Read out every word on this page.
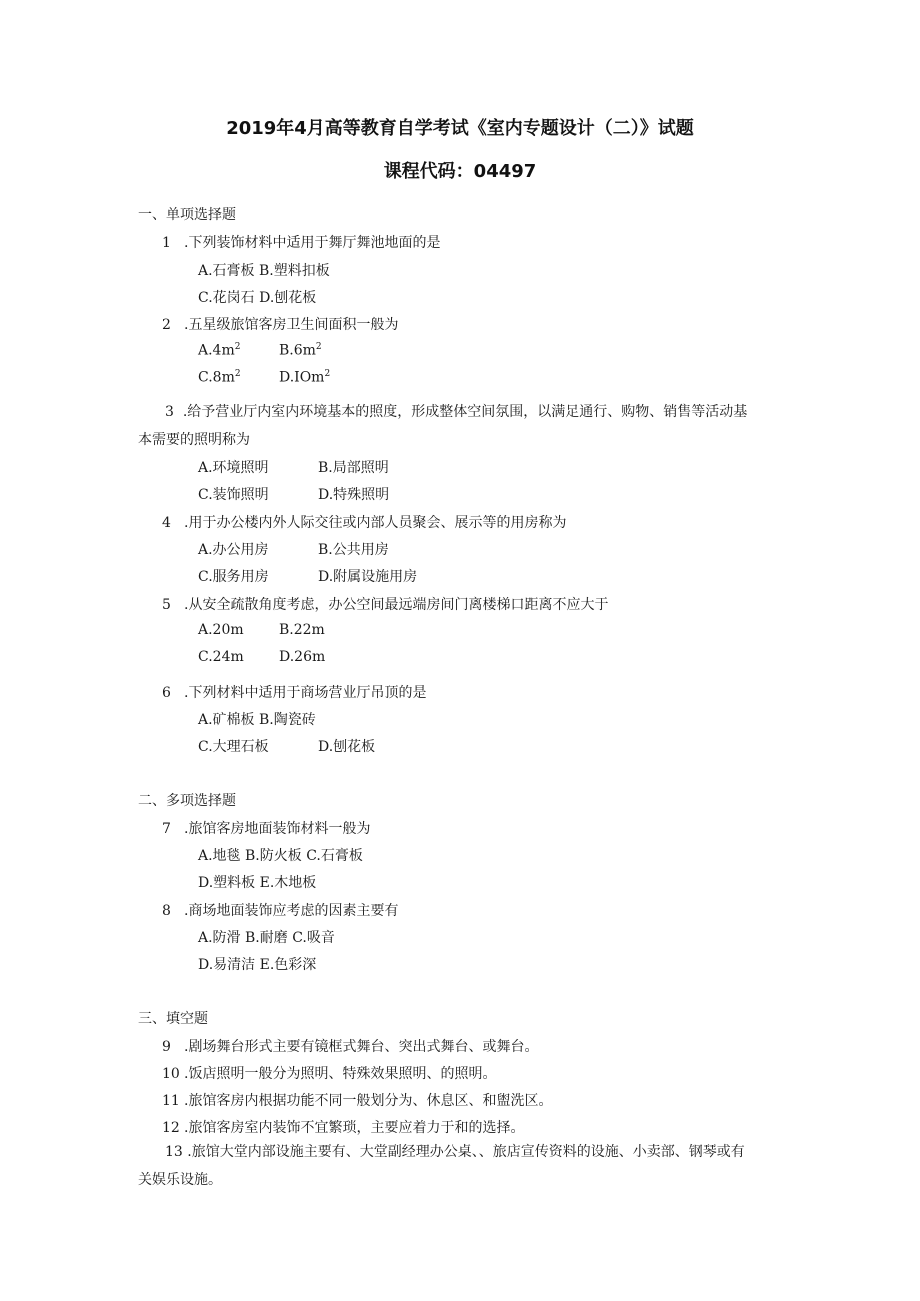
2019年4月高等教育自学考试《室内专题设计（二）》试题
课程代码：04497
一、单项选择题
1 .下列装饰材料中适用于舞厅舞池地面的是
A.石膏板 B.塑料扣板
C.花岗石 D.刨花板
2 .五星级旅馆客房卫生间面积一般为
$A.4m^2$	$B.6m^2$
$C.8m^2$	D.IOm$^2$
3 .给予营业厅内室内环境基本的照度，形成整体空间氛围，以满足通行、购物、销售等活动基本需要的照明称为
A.环境照明	B.局部照明
C.装饰照明	D.特殊照明
4 .用于办公楼内外人际交往或内部人员聚会、展示等的用房称为
A.办公用房	B.公共用房
C.服务用房	D.附属设施用房
5 .从安全疏散角度考虑，办公空间最远端房间门离楼梯口距离不应大于
A.20m	B.22m
C.24m	D.26m
6 .下列材料中适用于商场营业厅吊顶的是
A.矿棉板 B.陶瓷砖
C.大理石板	D.刨花板
二、多项选择题
7 .旅馆客房地面装饰材料一般为
A.地毯 B.防火板 C.石膏板
D.塑料板 E.木地板
8 .商场地面装饰应考虑的因素主要有
A.防滑 B.耐磨 C.吸音
D.易清洁 E.色彩深
三、填空题
9 .剧场舞台形式主要有镜框式舞台、突出式舞台、或舞台。
10 .饭店照明一般分为照明、特殊效果照明、的照明。
11 .旅馆客房内根据功能不同一般划分为、休息区、和盥洗区。
12 .旅馆客房室内装饰不宜繁琐，主要应着力于和的选择。
13 .旅馆大堂内部设施主要有、大堂副经理办公桌、、旅店宣传资料的设施、小卖部、钢琴或有关娱乐设施。
